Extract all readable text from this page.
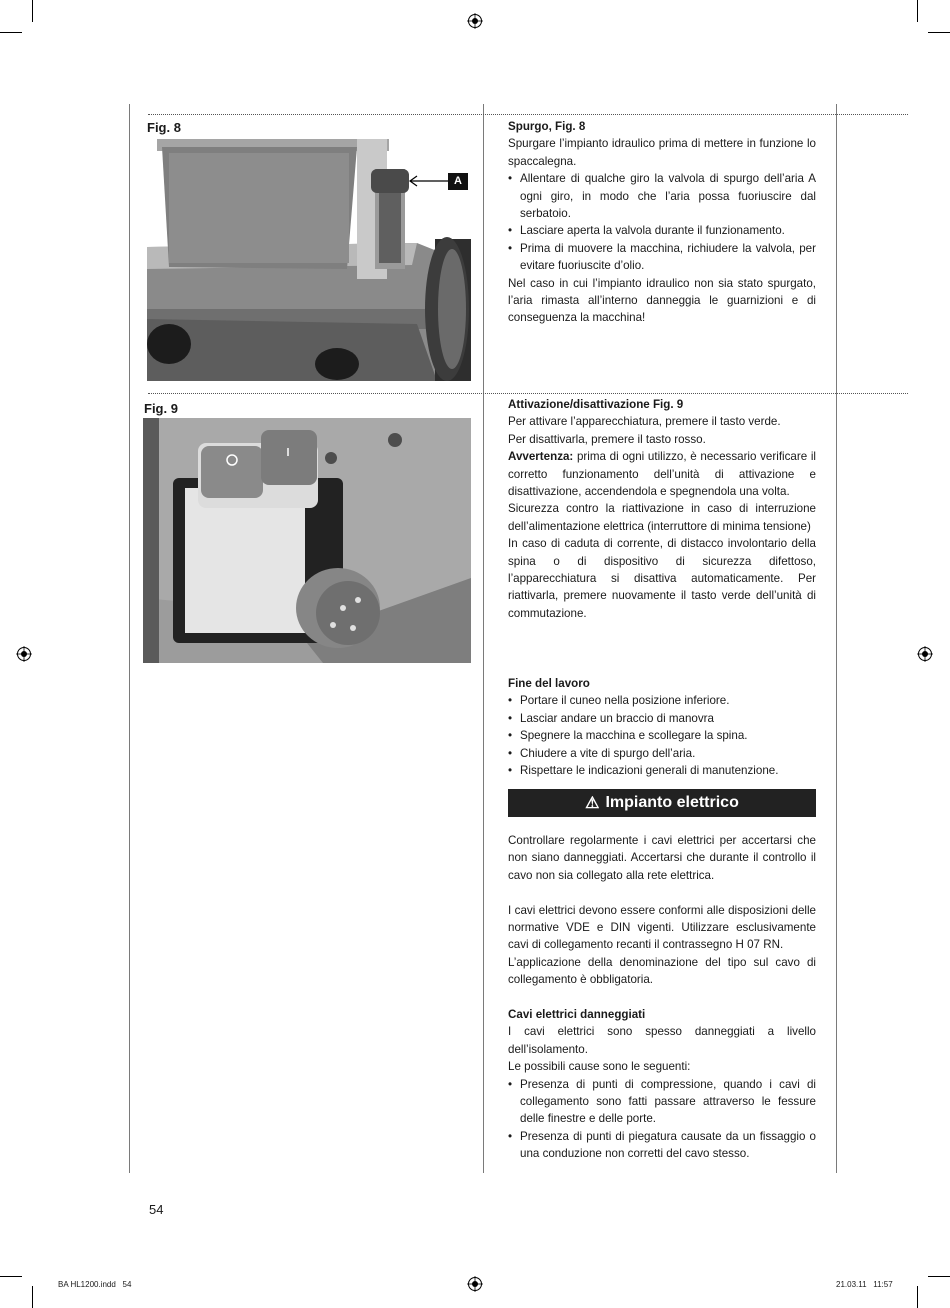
Fig. 8
A
Fig. 9

Spurgo, Fig. 8

Spurgare l’impianto idraulico prima di mettere in funzione lo spaccalegna.

• Allentare di qualche giro la valvola di spurgo dell’aria A ogni giro, in modo che l’aria possa fuoriuscire dal serbatoio.
• Lasciare aperta la valvola durante il funzionamento.
• Prima di muovere la macchina, richiudere la valvola, per evitare fuoriuscite d’olio.

Nel caso in cui l’impianto idraulico non sia stato spurgato, l’aria rimasta all’interno danneggia le guarnizioni e di conseguenza la macchina!

Attivazione/disattivazione Fig. 9

Per attivare l’apparecchiatura, premere il tasto verde.

Per disattivarla, premere il tasto rosso.

Avvertenza: prima di ogni utilizzo, è necessario verificare il corretto funzionamento dell’unità di attivazione e disattivazione, accendendola e spegnendola una volta.

Sicurezza contro la riattivazione in caso di interruzione dell’alimentazione elettrica (interruttore di minima tensione)

In caso di caduta di corrente, di distacco involontario della spina o di dispositivo di sicurezza difettoso, l’apparecchiatura si disattiva automaticamente. Per riattivarla, premere nuovamente il tasto verde dell’unità di commutazione.

Fine del lavoro

• Portare il cuneo nella posizione inferiore.
• Lasciar andare un braccio di manovra
• Spegnere la macchina e scollegare la spina.
• Chiudere a vite di spurgo dell’aria.
• Rispettare le indicazioni generali di manutenzione.
⚠ Impianto elettrico

Controllare regolarmente i cavi elettrici per accertarsi che non siano danneggiati. Accertarsi che durante il controllo il cavo non sia collegato alla rete elettrica.

I cavi elettrici devono essere conformi alle disposizioni delle normative VDE e DIN vigenti. Utilizzare esclusivamente cavi di collegamento recanti il contrassegno H 07 RN.

L’applicazione della denominazione del tipo sul cavo di collegamento è obbligatoria.

Cavi elettrici danneggiati

I cavi elettrici sono spesso danneggiati a livello dell’isolamento.

Le possibili cause sono le seguenti:

• Presenza di punti di compressione, quando i cavi di collegamento sono fatti passare attraverso le fessure delle finestre e delle porte.
• Presenza di punti di piegatura causate da un fissaggio o una conduzione non corretti del cavo stesso.
54
BA HL1200.indd   54	21.03.11   11:57
